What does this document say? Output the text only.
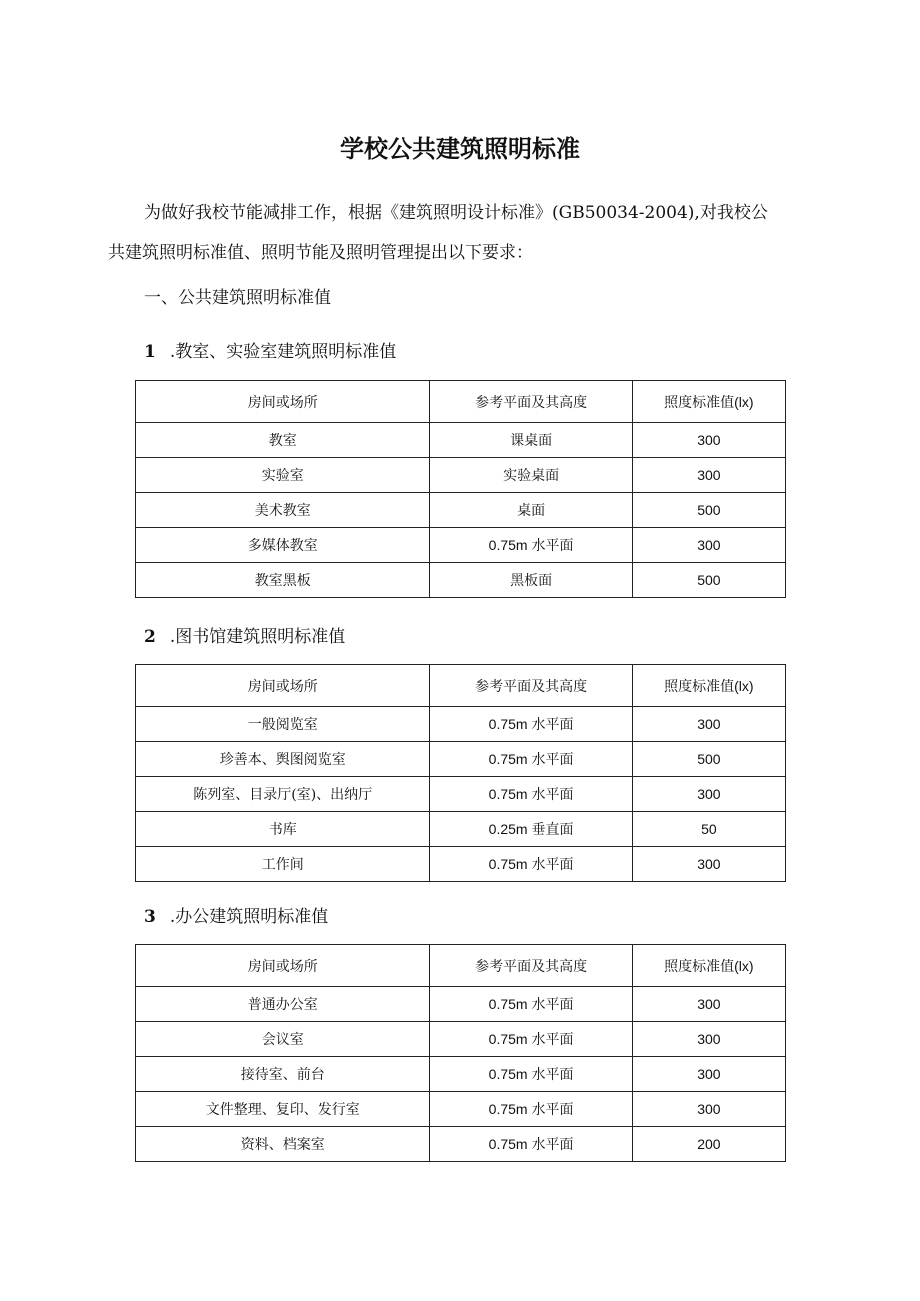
学校公共建筑照明标准

为做好我校节能减排工作，根据《建筑照明设计标准》(GB50034-2004),对我校公

共建筑照明标准值、照明节能及照明管理提出以下要求：

一、公共建筑照明标准值
1 .教室、实验室建筑照明标准值
房间或场所	参考平面及其高度	照度标准值(lx)
教室	课桌面	300
实验室	实验桌面	300
美术教室	桌面	500
多媒体教室	0.75m 水平面	300
教室黑板	黑板面	500
2 .图书馆建筑照明标准值
房间或场所	参考平面及其高度	照度标准值(lx)
一般阅览室	0.75m 水平面	300
珍善本、舆图阅览室	0.75m 水平面	500
陈列室、目录厅(室)、出纳厅	0.75m 水平面	300
书库	0.25m 垂直面	50
工作间	0.75m 水平面	300
3 .办公建筑照明标准值
房间或场所	参考平面及其高度	照度标准值(lx)
普通办公室	0.75m 水平面	300
会议室	0.75m 水平面	300
接待室、前台	0.75m 水平面	300
文件整理、复印、发行室	0.75m 水平面	300
资料、档案室	0.75m 水平面	200
